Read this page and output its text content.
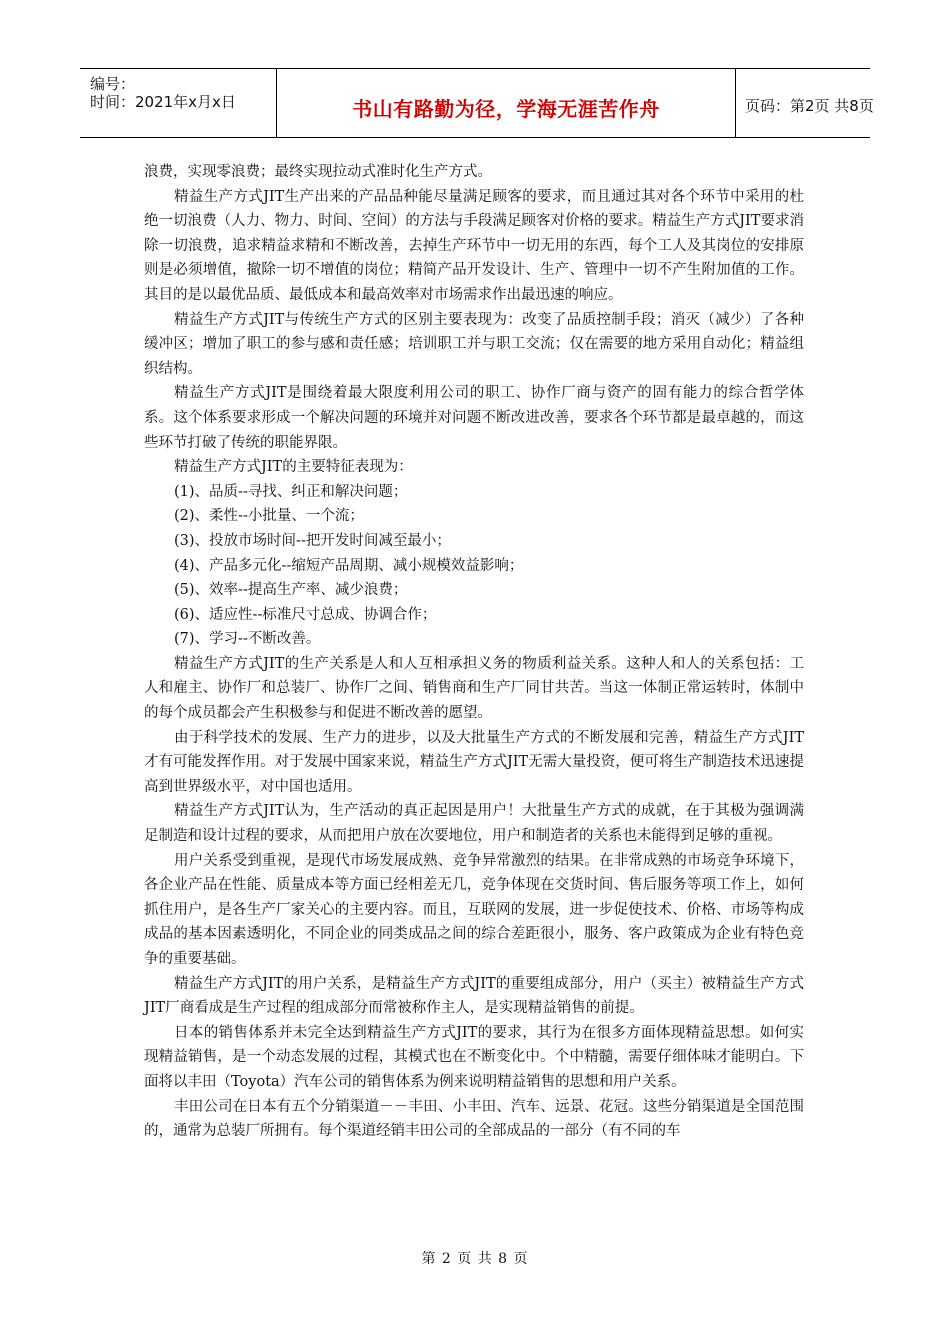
编号：
时间：2021年x月x日	书山有路勤为径，学海无涯苦作舟	页码：第2页 共8页

浪费，实现零浪费；最终实现拉动式准时化生产方式。

精益生产方式JIT生产出来的产品品种能尽量满足顾客的要求，而且通过其对各个环节中采用的杜绝一切浪费（人力、物力、时间、空间）的方法与手段满足顾客对价格的要求。精益生产方式JIT要求消除一切浪费，追求精益求精和不断改善，去掉生产环节中一切无用的东西，每个工人及其岗位的安排原则是必须增值，撤除一切不增值的岗位；精简产品开发设计、生产、管理中一切不产生附加值的工作。其目的是以最优品质、最低成本和最高效率对市场需求作出最迅速的响应。

精益生产方式JIT与传统生产方式的区别主要表现为：改变了品质控制手段；消灭（减少）了各种缓冲区；增加了职工的参与感和责任感；培训职工并与职工交流；仅在需要的地方采用自动化；精益组织结构。

精益生产方式JIT是围绕着最大限度利用公司的职工、协作厂商与资产的固有能力的综合哲学体系。这个体系要求形成一个解决问题的环境并对问题不断改进改善，要求各个环节都是最卓越的，而这些环节打破了传统的职能界限。

精益生产方式JIT的主要特征表现为：

(1)、品质--寻找、纠正和解决问题；

(2)、柔性--小批量、一个流；

(3)、投放市场时间--把开发时间减至最小；

(4)、产品多元化--缩短产品周期、减小规模效益影响；

(5)、效率--提高生产率、减少浪费；

(6)、适应性--标准尺寸总成、协调合作；

(7)、学习--不断改善。

精益生产方式JIT的生产关系是人和人互相承担义务的物质利益关系。这种人和人的关系包括：工人和雇主、协作厂和总装厂、协作厂之间、销售商和生产厂同甘共苦。当这一体制正常运转时，体制中的每个成员都会产生积极参与和促进不断改善的愿望。

由于科学技术的发展、生产力的进步，以及大批量生产方式的不断发展和完善，精益生产方式JIT才有可能发挥作用。对于发展中国家来说，精益生产方式JIT无需大量投资，便可将生产制造技术迅速提高到世界级水平，对中国也适用。

精益生产方式JIT认为，生产活动的真正起因是用户！大批量生产方式的成就，在于其极为强调满足制造和设计过程的要求，从而把用户放在次要地位，用户和制造者的关系也未能得到足够的重视。

用户关系受到重视，是现代市场发展成熟、竞争异常激烈的结果。在非常成熟的市场竞争环境下，各企业产品在性能、质量成本等方面已经相差无几，竞争体现在交货时间、售后服务等项工作上，如何抓住用户，是各生产厂家关心的主要内容。而且，互联网的发展，进一步促使技术、价格、市场等构成成品的基本因素透明化，不同企业的同类成品之间的综合差距很小，服务、客户政策成为企业有特色竞争的重要基础。

精益生产方式JIT的用户关系，是精益生产方式JIT的重要组成部分，用户（买主）被精益生产方式JIT厂商看成是生产过程的组成部分而常被称作主人，是实现精益销售的前提。

日本的销售体系并未完全达到精益生产方式JIT的要求，其行为在很多方面体现精益思想。如何实现精益销售，是一个动态发展的过程，其模式也在不断变化中。个中精髓，需要仔细体味才能明白。下面将以丰田（Toyota）汽车公司的销售体系为例来说明精益销售的思想和用户关系。

丰田公司在日本有五个分销渠道－－丰田、小丰田、汽车、远景、花冠。这些分销渠道是全国范围的，通常为总装厂所拥有。每个渠道经销丰田公司的全部成品的一部分（有不同的车

第 2 页 共 8 页
